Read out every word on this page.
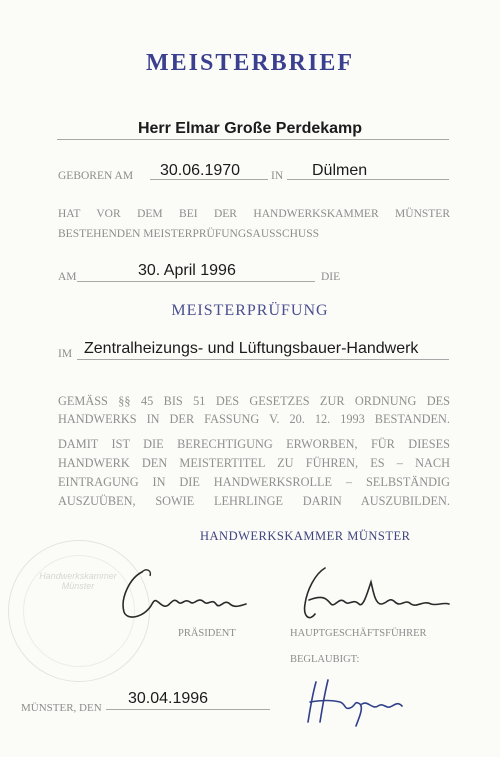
MEISTERBRIEF
Herr Elmar Große Perdekamp
GEBOREN AM 30.06.1970	IN Dülmen
HAT VOR DEM BEI DER HANDWERKSKAMMER MÜNSTER
BESTEHENDEN MEISTERPRÜFUNGSAUSSCHUSS
AM	30. April 1996	DIE
MEISTERPRÜFUNG
IM Zentralheizungs- und Lüftungsbauer-Handwerk
GEMÄSS §§ 45 BIS 51 DES GESETZES ZUR ORDNUNG DES
HANDWERKS IN DER FASSUNG V. 20. 12. 1993 BESTANDEN.
DAMIT IST DIE BERECHTIGUNG ERWORBEN, FÜR DIESES
HANDWERK DEN MEISTERTITEL ZU FÜHREN, ES – NACH
EINTRAGUNG IN DIE HANDWERKSROLLE – SELBSTÄNDIG
AUSZUÜBEN, SOWIE LEHRLINGE DARIN AUSZUBILDEN.
HANDWERKSKAMMER MÜNSTER
Handwerkskammer Münster
PRÄSIDENT	HAUPTGESCHÄFTSFÜHRER
BEGLAUBIGT:
MÜNSTER, DEN
30.04.1996
